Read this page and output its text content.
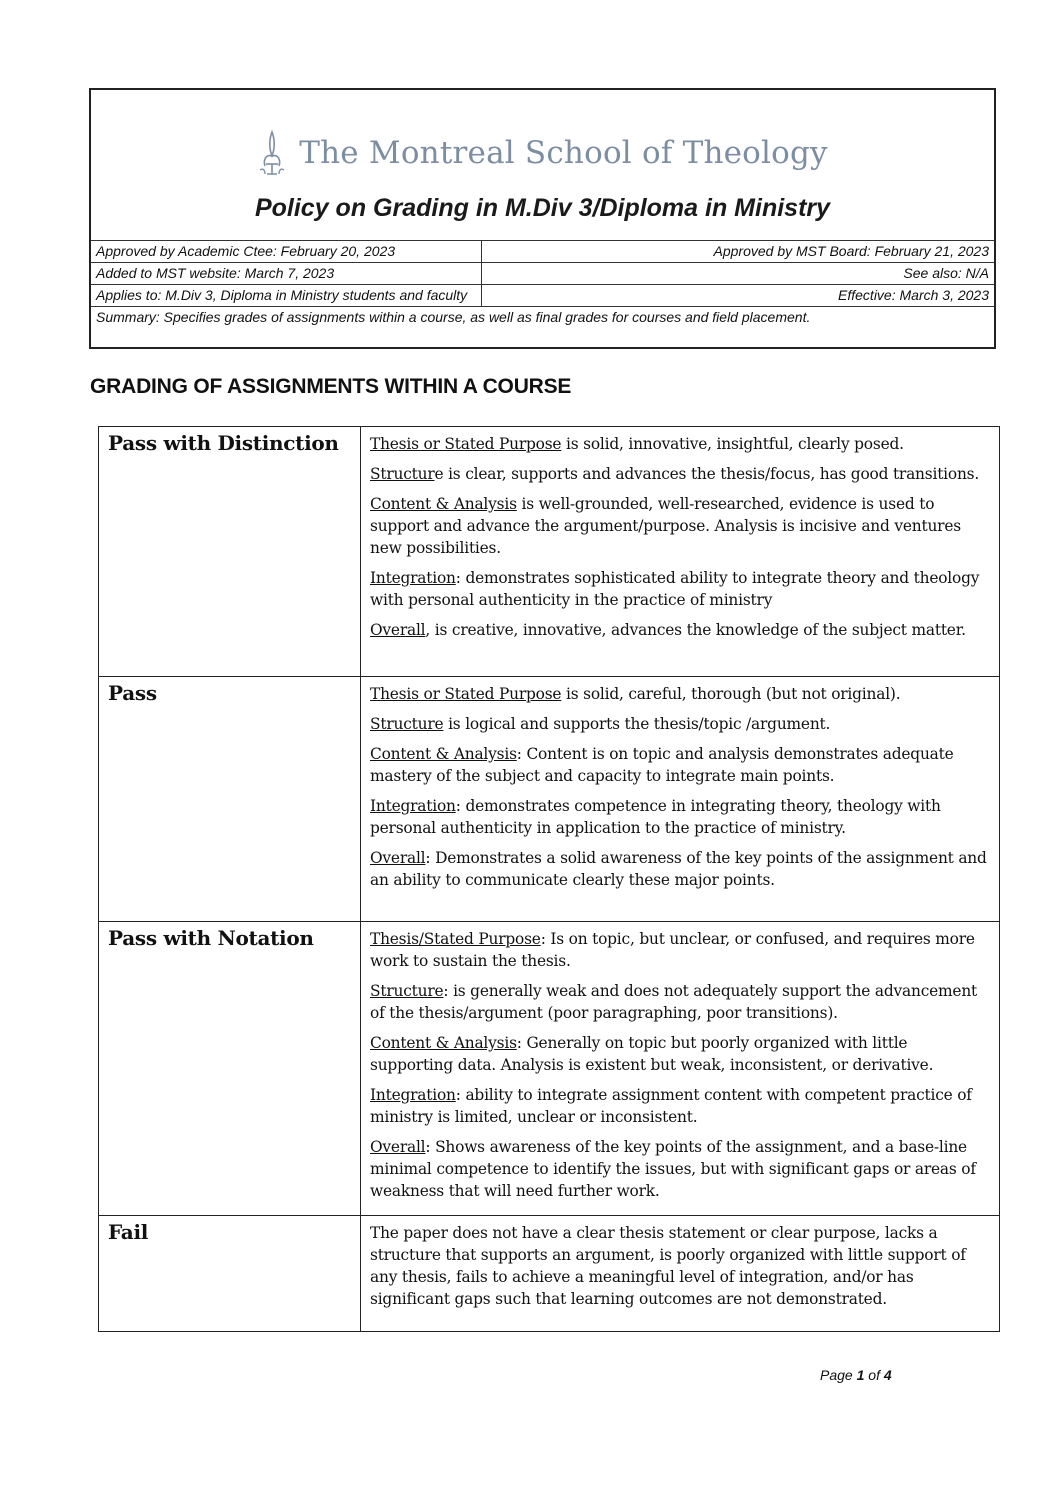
The Montreal School of Theology
Policy on Grading in M.Div 3/Diploma in Ministry
Approved by Academic Ctee: February 20, 2023	Approved by MST Board: February 21, 2023
Added to MST website: March 7, 2023	See also: N/A
Applies to: M.Div 3, Diploma in Ministry students and faculty	Effective: March 3, 2023
Summary: Specifies grades of assignments within a course, as well as final grades for courses and field placement.	
GRADING OF ASSIGNMENTS WITHIN A COURSE
Pass with Distinction	Thesis or Stated Purpose is solid, innovative, insightful, clearly posed.

Structure is clear, supports and advances the thesis/focus, has good transitions.

Content & Analysis is well-grounded, well-researched, evidence is used to support and advance the argument/purpose. Analysis is incisive and ventures new possibilities.

Integration: demonstrates sophisticated ability to integrate theory and theology with personal authenticity in the practice of ministry

Overall, is creative, innovative, advances the knowledge of the subject matter.

Pass	Thesis or Stated Purpose is solid, careful, thorough (but not original).

Structure is logical and supports the thesis/topic /argument.

Content & Analysis: Content is on topic and analysis demonstrates adequate mastery of the subject and capacity to integrate main points.

Integration: demonstrates competence in integrating theory, theology with personal authenticity in application to the practice of ministry.

Overall: Demonstrates a solid awareness of the key points of the assignment and an ability to communicate clearly these major points.

Pass with Notation	Thesis/Stated Purpose: Is on topic, but unclear, or confused, and requires more work to sustain the thesis.

Structure: is generally weak and does not adequately support the advancement of the thesis/argument (poor paragraphing, poor transitions).

Content & Analysis: Generally on topic but poorly organized with little supporting data. Analysis is existent but weak, inconsistent, or derivative.

Integration: ability to integrate assignment content with competent practice of ministry is limited, unclear or inconsistent.

Overall: Shows awareness of the key points of the assignment, and a base-line minimal competence to identify the issues, but with significant gaps or areas of weakness that will need further work.

Fail	The paper does not have a clear thesis statement or clear purpose, lacks a structure that supports an argument, is poorly organized with little support of any thesis, fails to achieve a meaningful level of integration, and/or has significant gaps such that learning outcomes are not demonstrated.

Page 1 of 4
